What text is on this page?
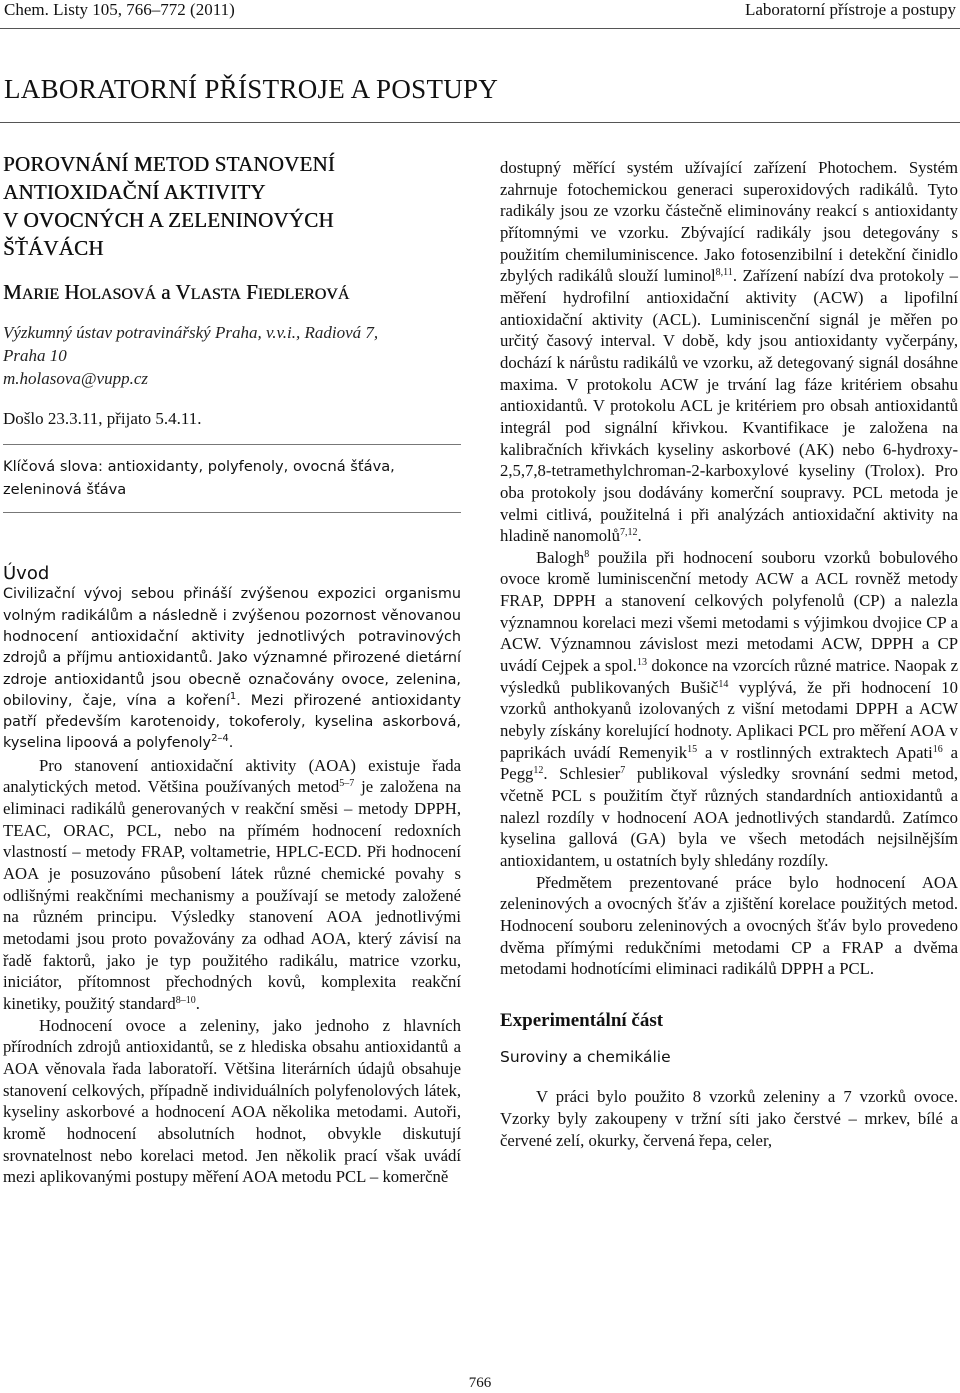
Chem. Listy 105, 766–772 (2011)	Laboratorní přístroje a postupy
LABORATORNÍ PŘÍSTROJE A POSTUPY
POROVNÁNÍ METOD STANOVENÍ
ANTIOXIDAČNÍ AKTIVITY
V OVOCNÝCH A ZELENINOVÝCH
ŠŤÁVÁCH
MARIE HOLASOVÁ a VLASTA FIEDLEROVÁ
Výzkumný ústav potravinářský Praha, v.v.i., Radiová 7,
Praha 10
m.holasova@vupp.cz
Došlo 23.3.11, přijato 5.4.11.
Klíčová slova: antioxidanty, polyfenoly, ovocná šťáva, zeleninová šťáva
Úvod

Civilizační vývoj sebou přináší zvýšenou expozici organismu volným radikálům a následně i zvýšenou pozornost věnovanou hodnocení antioxidační aktivity jednotlivých potravinových zdrojů a příjmu antioxidantů. Jako významné přirozené dietární zdroje antioxidantů jsou obecně označovány ovoce, zelenina, obiloviny, čaje, vína a koření$^1$. Mezi přirozené antioxidanty patří především karotenoidy, tokoferoly, kyselina askorbová, kyselina lipoová a polyfenoly$^{2-4}$.

Pro stanovení antioxidační aktivity (AOA) existuje řada analytických metod. Většina používaných metod$^{5-7}$ je založena na eliminaci radikálů generovaných v reakční směsi – metody DPPH, TEAC, ORAC, PCL, nebo na přímém hodnocení redoxních vlastností – metody FRAP, voltametrie, HPLC-ECD. Při hodnocení AOA je posuzováno působení látek různé chemické povahy s odlišnými reakčními mechanismy a používají se metody založené na různém principu. Výsledky stanovení AOA jednotlivými metodami jsou proto považovány za odhad AOA, který závisí na řadě faktorů, jako je typ použitého radikálu, matrice vzorku, iniciátor, přítomnost přechodných kovů, komplexita reakční kinetiky, použitý standard$^{8-10}$.

Hodnocení ovoce a zeleniny, jako jednoho z hlavních přírodních zdrojů antioxidantů, se z hlediska obsahu antioxidantů a AOA věnovala řada laboratoří. Většina literárních údajů obsahuje stanovení celkových, případně individuálních polyfenolových látek, kyseliny askorbové a hodnocení AOA několika metodami. Autoři, kromě hodnocení absolutních hodnot, obvykle diskutují srovnatelnost nebo korelaci metod. Jen několik prací však uvádí mezi aplikovanými postupy měření AOA metodu PCL – komerčně

dostupný měřící systém užívající zařízení Photochem. Systém zahrnuje fotochemickou generaci superoxidových radikálů. Tyto radikály jsou ze vzorku částečně eliminovány reakcí s antioxidanty přítomnými ve vzorku. Zbývající radikály jsou detegovány s použitím chemiluminiscence. Jako fotosenzibilní i detekční činidlo zbylých radikálů slouží luminol$^{8,11}$. Zařízení nabízí dva protokoly – měření hydrofilní antioxidační aktivity (ACW) a lipofilní antioxidační aktivity (ACL). Luminiscenční signál je měřen po určitý časový interval. V době, kdy jsou antioxidanty vyčerpány, dochází k nárůstu radikálů ve vzorku, až detegovaný signál dosáhne maxima. V protokolu ACW je trvání lag fáze kritériem obsahu antioxidantů. V protokolu ACL je kritériem pro obsah antioxidantů integrál pod signální křivkou. Kvantifikace je založena na kalibračních křivkách kyseliny askorbové (AK) nebo 6-hydroxy-2,5,7,8-tetramethylchroman-2-karboxylové kyseliny (Trolox). Pro oba protokoly jsou dodávány komerční soupravy. PCL metoda je velmi citlivá, použitelná i při analýzách antioxidační aktivity na hladině nanomolů$^{7,12}$.

Balogh$^8$ použila při hodnocení souboru vzorků bobulového ovoce kromě luminiscenční metody ACW a ACL rovněž metody FRAP, DPPH a stanovení celkových polyfenolů (CP) a nalezla významnou korelaci mezi všemi metodami s výjimkou dvojice CP a ACW. Významnou závislost mezi metodami ACW, DPPH a CP uvádí Cejpek a spol.$^{13}$ dokonce na vzorcích různé matrice. Naopak z výsledků publikovaných Bušič$^{14}$ vyplývá, že při hodnocení 10 vzorků anthokyanů izolovaných z višní metodami DPPH a ACW nebyly získány korelující hodnoty. Aplikaci PCL pro měření AOA v paprikách uvádí Remenyik$^{15}$ a v rostlinných extraktech Apati$^{16}$ a Pegg$^{12}$. Schlesier$^7$ publikoval výsledky srovnání sedmi metod, včetně PCL s použitím čtyř různých standardních antioxidantů a nalezl rozdíly v hodnocení AOA jednotlivých standardů. Zatímco kyselina gallová (GA) byla ve všech metodách nejsilnějším antioxidantem, u ostatních byly shledány rozdíly.

Předmětem prezentované práce bylo hodnocení AOA zeleninových a ovocných šťáv a zjištění korelace použitých metod. Hodnocení souboru zeleninových a ovocných šťáv bylo provedeno dvěma přímými redukčními metodami CP a FRAP a dvěma metodami hodnotícími eliminaci radikálů DPPH a PCL.

Experimentální část
Suroviny a chemikálie

V práci bylo použito 8 vzorků zeleniny a 7 vzorků ovoce. Vzorky byly zakoupeny v tržní síti jako čerstvé – mrkev, bílé a červené zelí, okurky, červená řepa, celer,

766
